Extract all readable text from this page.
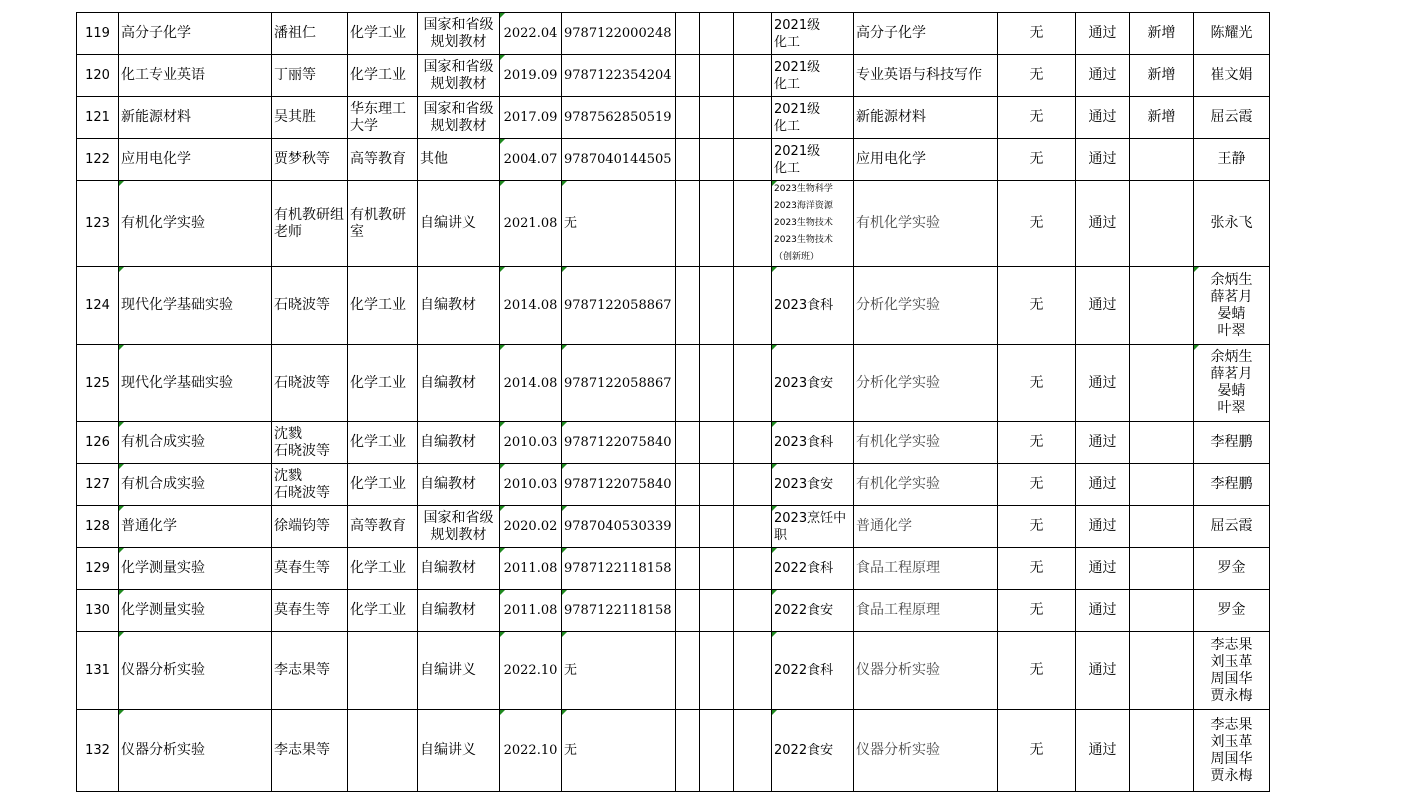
119	高分子化学	潘祖仁	化学工业	国家和省级
规划教材	2022.04	9787122000248				2021级
化工	高分子化学	无	通过	新增	陈耀光
120	化工专业英语	丁丽等	化学工业	国家和省级
规划教材	2019.09	9787122354204				2021级
化工	专业英语与科技写作	无	通过	新增	崔文娟
121	新能源材料	吴其胜	华东理工
大学	国家和省级
规划教材	2017.09	9787562850519				2021级
化工	新能源材料	无	通过	新增	屈云霞
122	应用电化学	贾梦秋等	高等教育	其他	2004.07	9787040144505				2021级
化工	应用电化学	无	通过		王静
123	有机化学实验	有机教研组
老师	有机教研
室	自编讲义	2021.08	无				2023生物科学
2023海洋资源
2023生物技术
2023生物技术
（创新班）	有机化学实验	无	通过		张永飞
124	现代化学基础实验	石晓波等	化学工业	自编教材	2014.08	9787122058867				2023食科	分析化学实验	无	通过		余炳生
薛茗月
晏蜻
叶翠
125	现代化学基础实验	石晓波等	化学工业	自编教材	2014.08	9787122058867				2023食安	分析化学实验	无	通过		余炳生
薛茗月
晏蜻
叶翠
126	有机合成实验	沈戮
石晓波等	化学工业	自编教材	2010.03	9787122075840				2023食科	有机化学实验	无	通过		李程鹏
127	有机合成实验	沈戮
石晓波等	化学工业	自编教材	2010.03	9787122075840				2023食安	有机化学实验	无	通过		李程鹏
128	普通化学	徐端钧等	高等教育	国家和省级
规划教材	2020.02	9787040530339				2023烹饪中
职	普通化学	无	通过		屈云霞
129	化学测量实验	莫春生等	化学工业	自编教材	2011.08	9787122118158				2022食科	食品工程原理	无	通过		罗金
130	化学测量实验	莫春生等	化学工业	自编教材	2011.08	9787122118158				2022食安	食品工程原理	无	通过		罗金
131	仪器分析实验	李志果等		自编讲义	2022.10	无				2022食科	仪器分析实验	无	通过		李志果
刘玉革
周国华
贾永梅
132	仪器分析实验	李志果等		自编讲义	2022.10	无				2022食安	仪器分析实验	无	通过		李志果
刘玉革
周国华
贾永梅
